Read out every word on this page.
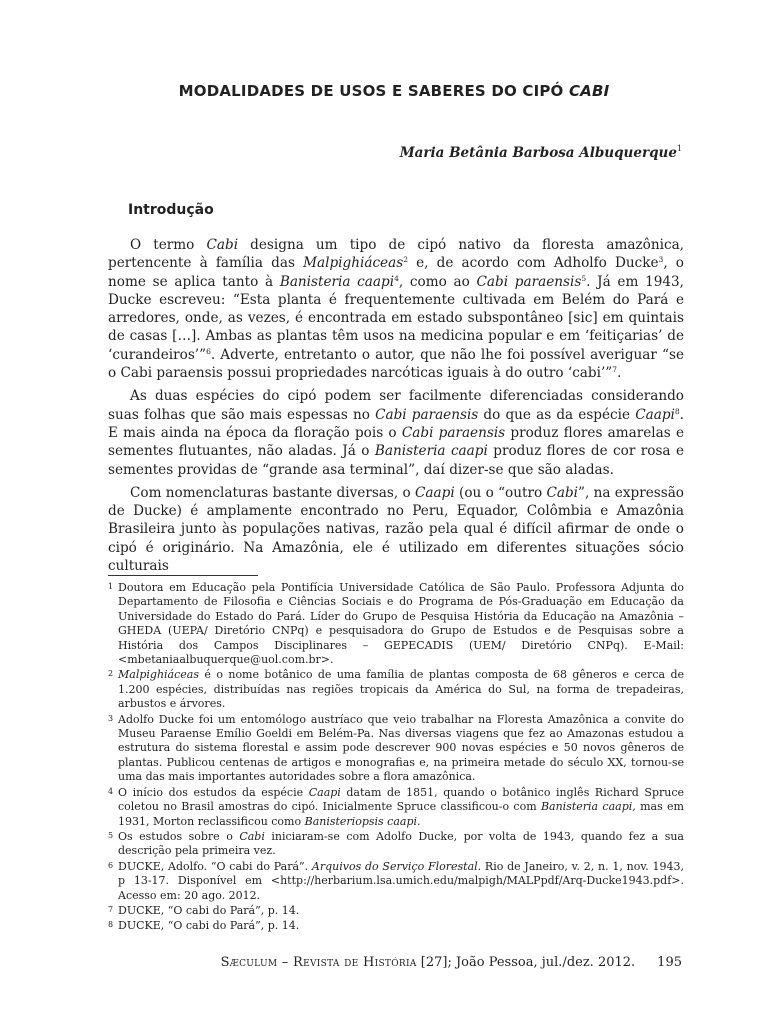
MODALIDADES DE USOS E SABERES DO CIPÓ CABI

Maria Betânia Barbosa Albuquerque$^1$

Introdução

O termo Cabi designa um tipo de cipó nativo da floresta amazônica, pertencente à família das Malpighiáceas$^2$ e, de acordo com Adholfo Ducke$^3$, o nome se aplica tanto à Banisteria caapi$^4$, como ao Cabi paraensis$^5$. Já em 1943, Ducke escreveu: “Esta planta é frequentemente cultivada em Belém do Pará e arredores, onde, as vezes, é encontrada em estado subspontâneo [sic] em quintais de casas […]. Ambas as plantas têm usos na medicina popular e em ‘feitiçarias’ de ‘curandeiros’”$^6$. Adverte, entretanto o autor, que não lhe foi possível averiguar “se o Cabi paraensis possui propriedades narcóticas iguais à do outro ‘cabi’”$^7$.

As duas espécies do cipó podem ser facilmente diferenciadas considerando suas folhas que são mais espessas no Cabi paraensis do que as da espécie Caapi$^8$. E mais ainda na época da floração pois o Cabi paraensis produz flores amarelas e sementes flutuantes, não aladas. Já o Banisteria caapi produz flores de cor rosa e sementes providas de “grande asa terminal”, daí dizer-se que são aladas.

Com nomenclaturas bastante diversas, o Caapi (ou o “outro Cabi”, na expressão de Ducke) é amplamente encontrado no Peru, Equador, Colômbia e Amazônia Brasileira junto às populações nativas, razão pela qual é difícil afirmar de onde o cipó é originário. Na Amazônia, ele é utilizado em diferentes situações sócio culturais

1 Doutora em Educação pela Pontifícia Universidade Católica de São Paulo. Professora Adjunta do Departamento de Filosofia e Ciências Sociais e do Programa de Pós-Graduação em Educação da Universidade do Estado do Pará. Líder do Grupo de Pesquisa História da Educação na Amazônia – GHEDA (UEPA/ Diretório CNPq) e pesquisadora do Grupo de Estudos e de Pesquisas sobre a História dos Campos Disciplinares – GEPECADIS (UEM/ Diretório CNPq). E-Mail: <mbetaniaalbuquerque@uol.com.br>.
2 Malpighiáceas é o nome botânico de uma família de plantas composta de 68 gêneros e cerca de 1.200 espécies, distribuídas nas regiões tropicais da América do Sul, na forma de trepadeiras, arbustos e árvores.
3 Adolfo Ducke foi um entomólogo austríaco que veio trabalhar na Floresta Amazônica a convite do Museu Paraense Emílio Goeldi em Belém-Pa. Nas diversas viagens que fez ao Amazonas estudou a estrutura do sistema florestal e assim pode descrever 900 novas espécies e 50 novos gêneros de plantas. Publicou centenas de artigos e monografias e, na primeira metade do século XX, tornou-se uma das mais importantes autoridades sobre a flora amazônica.
4 O início dos estudos da espécie Caapi datam de 1851, quando o botânico inglês Richard Spruce coletou no Brasil amostras do cipó. Inicialmente Spruce classificou-o com Banisteria caapi, mas em 1931, Morton reclassificou como Banisteriopsis caapi.
5 Os estudos sobre o Cabi iniciaram-se com Adolfo Ducke, por volta de 1943, quando fez a sua descrição pela primeira vez.
6 DUCKE, Adolfo. “O cabi do Pará”. Arquivos do Serviço Florestal. Rio de Janeiro, v. 2, n. 1, nov. 1943, p 13-17. Disponível em <http://herbarium.lsa.umich.edu/malpigh/MALPpdf/Arq-Ducke1943.pdf>. Acesso em: 20 ago. 2012.
7 DUCKE, “O cabi do Pará”, p. 14.
8 DUCKE, “O cabi do Pará”, p. 14.
Sæculum – Revista de História [27]; João Pessoa, jul./dez. 2012. 195
